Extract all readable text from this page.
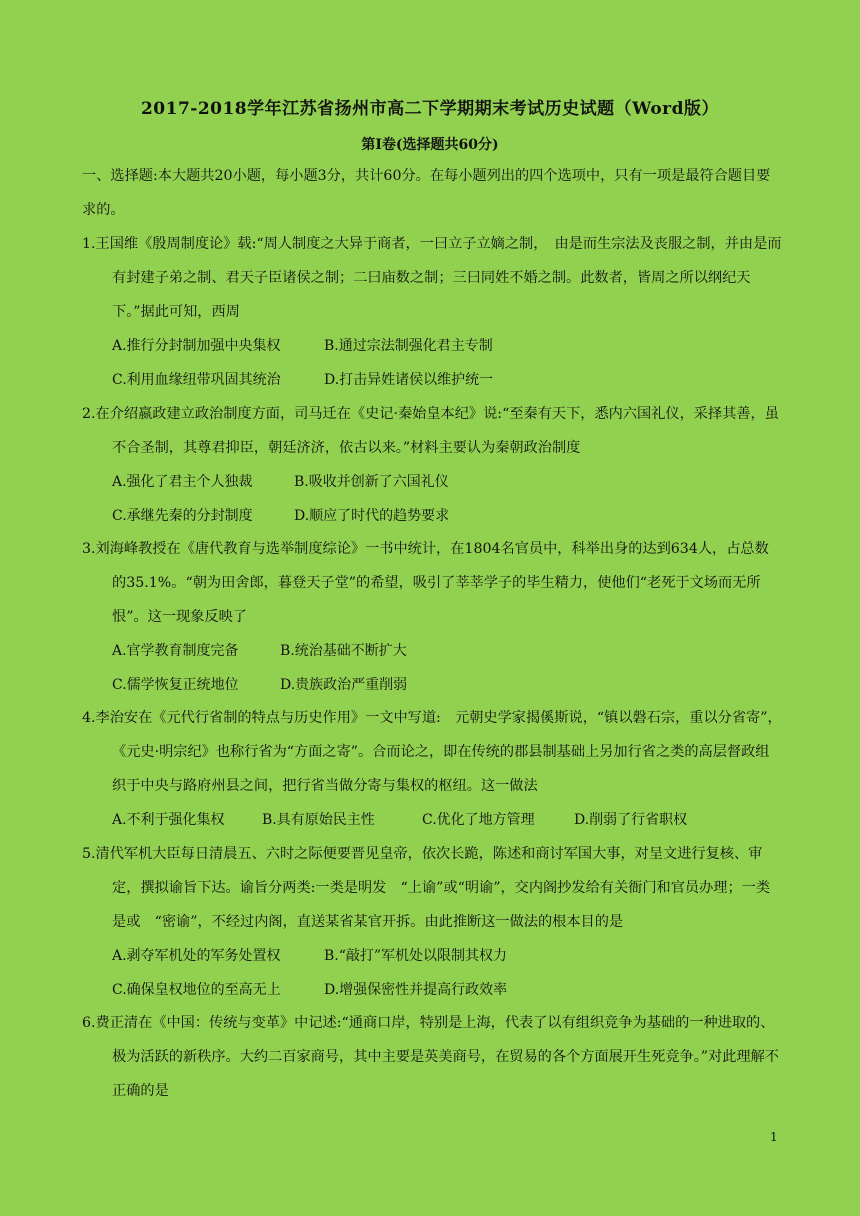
2017-2018学年江苏省扬州市高二下学期期末考试历史试题（Word版）
第Ⅰ卷(选择题共60分)

一、选择题:本大题共20小题，每小题3分，共计60分。在每小题列出的四个选项中，只有一项是最符合题目要求的。

1.王国维《殷周制度论》载:“周人制度之大异于商者，一曰立子立嫡之制，　由是而生宗法及丧服之制，并由是而有封建子弟之制、君天子臣诸侯之制；二曰庙数之制；三曰同姓不婚之制。此数者，皆周之所以纲纪天下。”据此可知，西周

A.推行分封制加强中央集权	B.通过宗法制强化君主专制
C.利用血缘纽带巩固其统治	D.打击异姓诸侯以维护统一

2.在介绍嬴政建立政治制度方面，司马迁在《史记·秦始皇本纪》说:“至秦有天下，悉内六国礼仪，采择其善，虽不合圣制，其尊君抑臣，朝廷济济，依古以来。”材料主要认为秦朝政治制度

A.强化了君主个人独裁	B.吸收并创新了六国礼仪
C.承继先秦的分封制度	D.顺应了时代的趋势要求

3.刘海峰教授在《唐代教育与选举制度综论》一书中统计，在1804名官员中，科举出身的达到634人，占总数的35.1%。“朝为田舍郎，暮登天子堂”的希望，吸引了莘莘学子的毕生精力，使他们“老死于文场而无所恨”。这一现象反映了

A.官学教育制度完备	B.统治基础不断扩大
C.儒学恢复正统地位	D.贵族政治严重削弱

4.李治安在《元代行省制的特点与历史作用》一文中写道:　元朝史学家揭傒斯说，“镇以磐石宗，重以分省寄”，《元史·明宗纪》也称行省为“方面之寄”。合而论之，即在传统的郡县制基础上另加行省之类的高层督政组织于中央与路府州县之间，把行省当做分寄与集权的枢纽。这一做法

A.不利于强化集权	B.具有原始民主性	C.优化了地方管理	D.削弱了行省职权

5.清代军机大臣每日清晨五、六时之际便要晋见皇帝，依次长跪，陈述和商讨军国大事，对呈文进行复核、审定，撰拟谕旨下达。谕旨分两类:一类是明发　“上谕”或“明谕”，交内阁抄发给有关衙门和官员办理；一类是或　“密谕”，不经过内阁，直送某省某官开拆。由此推断这一做法的根本目的是

A.剥夺军机处的军务处置权	B.“敲打”军机处以限制其权力
C.确保皇权地位的至高无上	D.增强保密性并提高行政效率

6.费正清在《中国：传统与变革》中记述:“通商口岸，特别是上海，代表了以有组织竞争为基础的一种进取的、　极为活跃的新秩序。大约二百家商号，其中主要是英美商号，在贸易的各个方面展开生死竞争。”对此理解不正确的是

1
